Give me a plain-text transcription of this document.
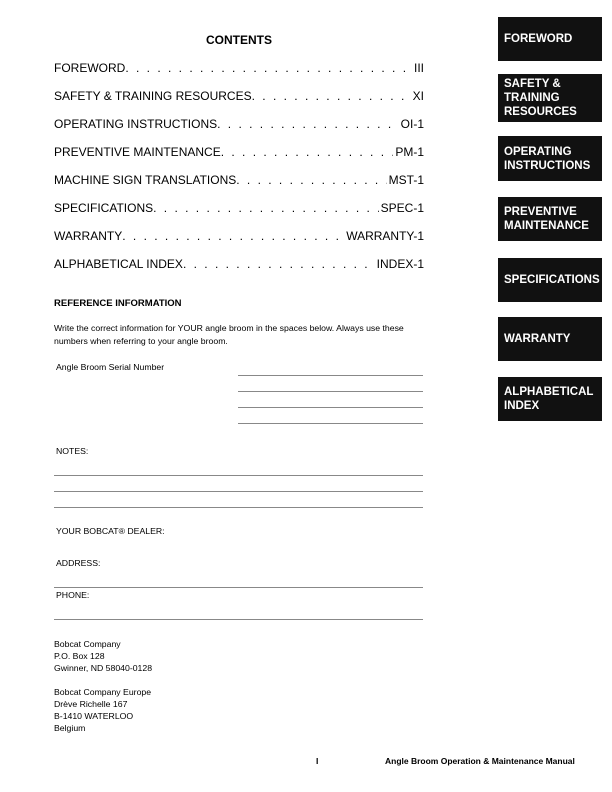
CONTENTS
FOREWORD . . .	III
SAFETY & TRAINING RESOURCES . . .	XI
OPERATING INSTRUCTIONS . . .	OI-1
PREVENTIVE MAINTENANCE . . .	PM-1
MACHINE SIGN TRANSLATIONS . . .	MST-1
SPECIFICATIONS . . .	SPEC-1
WARRANTY . . .	WARRANTY-1
ALPHABETICAL INDEX . . .	INDEX-1
FOREWORD
SAFETY &
TRAINING
RESOURCES
OPERATING
INSTRUCTIONS
PREVENTIVE
MAINTENANCE
SPECIFICATIONS
WARRANTY
ALPHABETICAL
INDEX
REFERENCE INFORMATION
Write the correct information for YOUR angle broom in the spaces below. Always use these numbers when referring to your angle broom.
Angle Broom Serial Number
NOTES:
YOUR BOBCAT® DEALER:
ADDRESS:
PHONE:
Bobcat Company
P.O. Box 128
Gwinner, ND 58040-0128
Bobcat Company Europe
Drève Richelle 167
B-1410 WATERLOO
Belgium
I	Angle Broom Operation & Maintenance Manual
